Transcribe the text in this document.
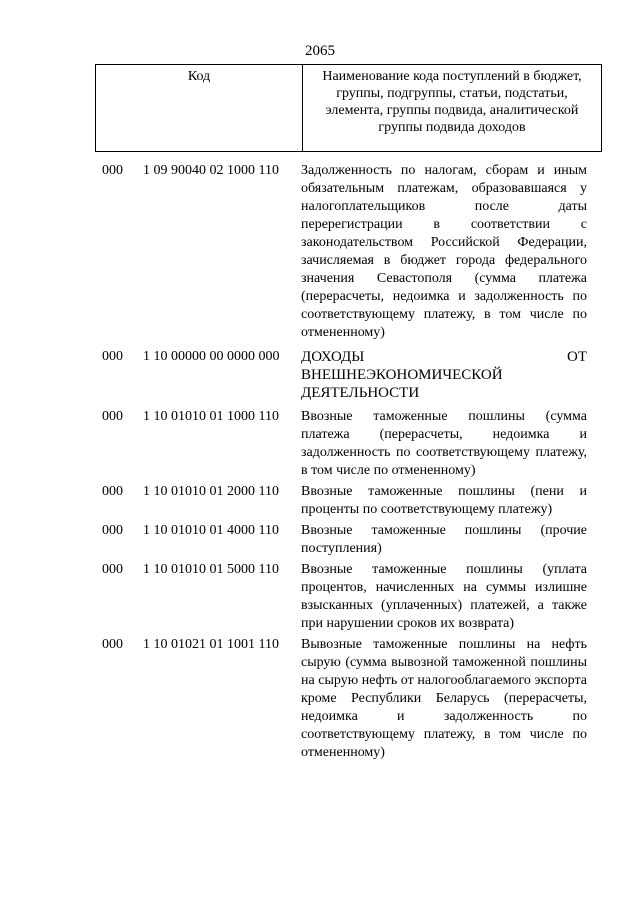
2065
Код	Наименование кода поступлений в бюджет, группы, подгруппы, статьи, подстатьи, элемента, группы подвида, аналитической группы подвида доходов
000 1 09 90040 02 1000 110 Задолженность по налогам, сборам и иным обязательным платежам, образовавшаяся у налогоплательщиков после даты перерегистрации в соответствии с законодательством Российской Федерации, зачисляемая в бюджет города федерального значения Севастополя (сумма платежа (перерасчеты, недоимка и задолженность по соответствующему платежу, в том числе по отмененному)
000 1 10 00000 00 0000 000 ДОХОДЫ ОТ ВНЕШНЕЭКОНОМИЧЕСКОЙ ДЕЯТЕЛЬНОСТИ
000 1 10 01010 01 1000 110 Ввозные таможенные пошлины (сумма платежа (перерасчеты, недоимка и задолженность по соответствующему платежу, в том числе по отмененному)
000 1 10 01010 01 2000 110 Ввозные таможенные пошлины (пени и проценты по соответствующему платежу)
000 1 10 01010 01 4000 110 Ввозные таможенные пошлины (прочие поступления)
000 1 10 01010 01 5000 110 Ввозные таможенные пошлины (уплата процентов, начисленных на суммы излишне взысканных (уплаченных) платежей, а также при нарушении сроков их возврата)
000 1 10 01021 01 1001 110 Вывозные таможенные пошлины на нефть сырую (сумма вывозной таможенной пошлины на сырую нефть от налогооблагаемого экспорта кроме Республики Беларусь (перерасчеты, недоимка и задолженность по соответствующему платежу, в том числе по отмененному)
